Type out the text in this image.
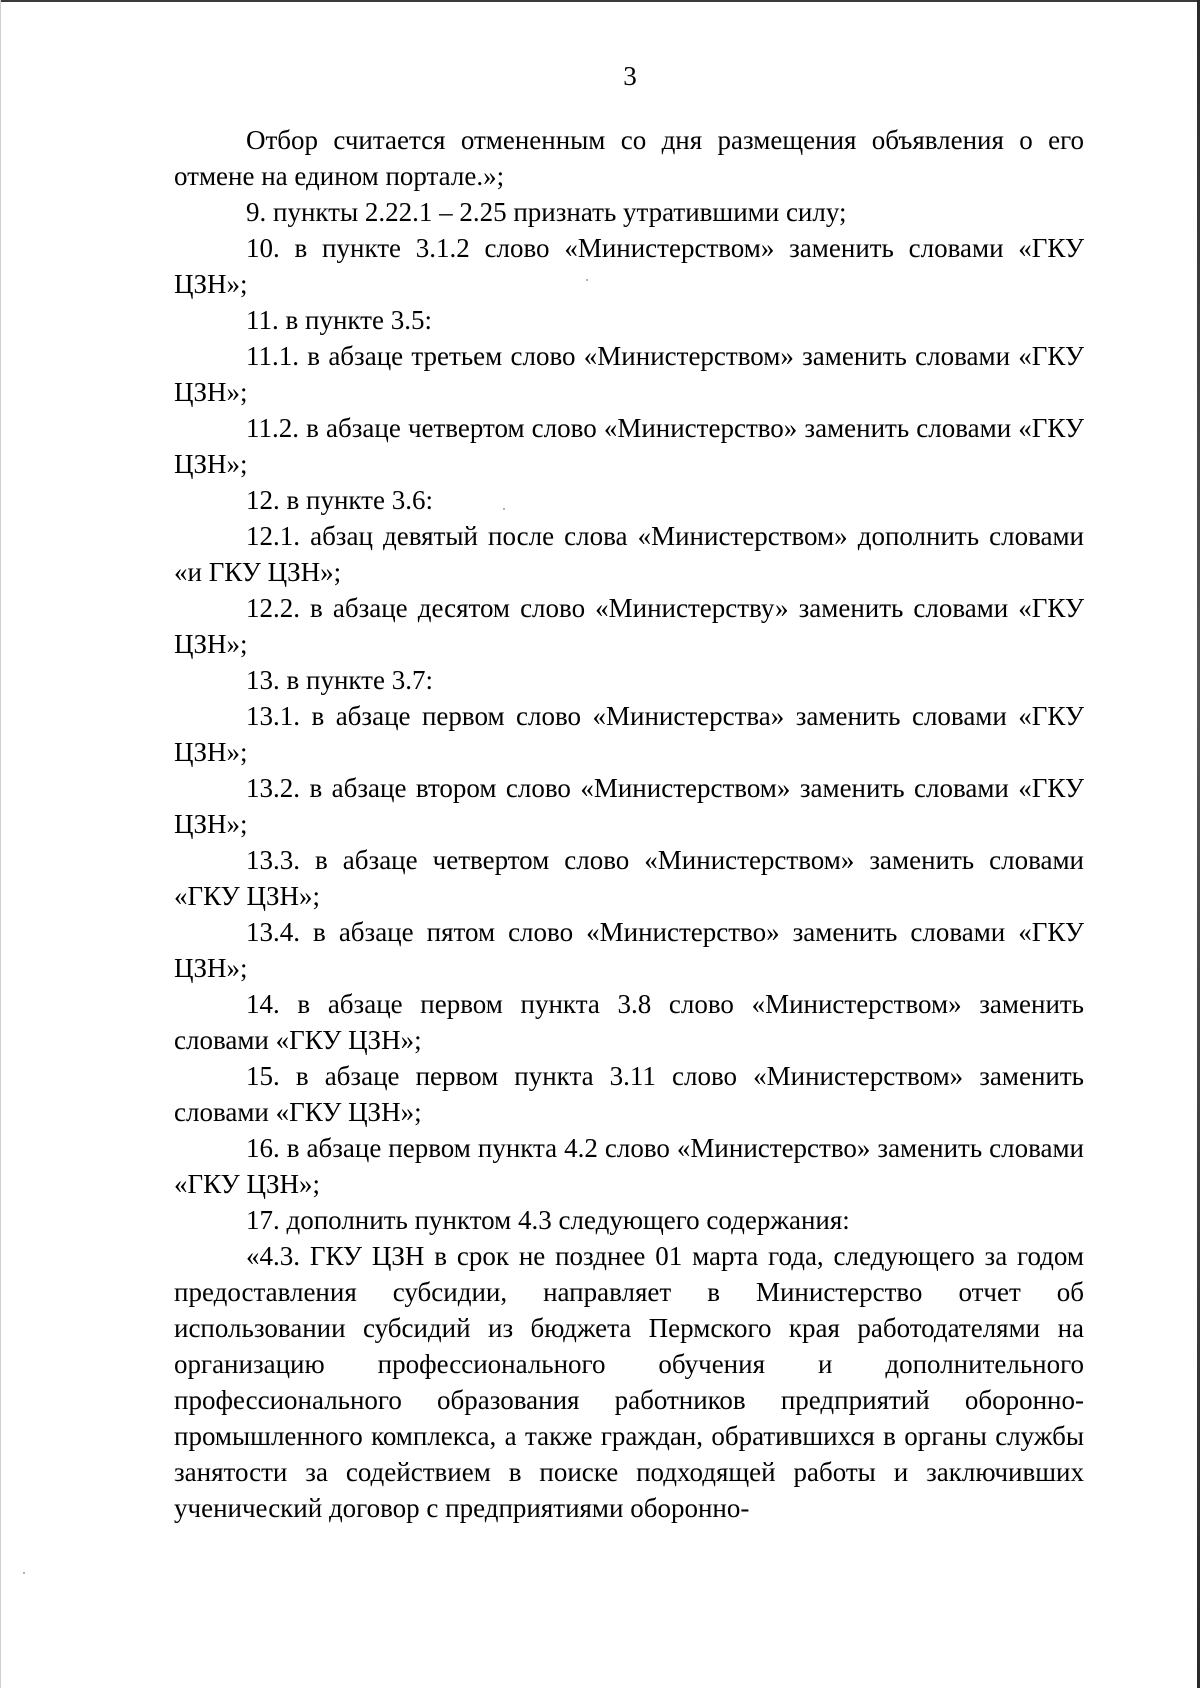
3

Отбор считается отмененным со дня размещения объявления о его отмене на едином портале.»;

9. пункты 2.22.1 – 2.25 признать утратившими силу;

10. в пункте 3.1.2 слово «Министерством» заменить словами «ГКУ ЦЗН»;

11. в пункте 3.5:

11.1. в абзаце третьем слово «Министерством» заменить словами «ГКУ ЦЗН»;

11.2. в абзаце четвертом слово «Министерство» заменить словами «ГКУ ЦЗН»;

12. в пункте 3.6:

12.1. абзац девятый после слова «Министерством» дополнить словами «и ГКУ ЦЗН»;

12.2. в абзаце десятом слово «Министерству» заменить словами «ГКУ ЦЗН»;

13. в пункте 3.7:

13.1. в абзаце первом слово «Министерства» заменить словами «ГКУ ЦЗН»;

13.2. в абзаце втором слово «Министерством» заменить словами «ГКУ ЦЗН»;

13.3. в абзаце четвертом слово «Министерством» заменить словами «ГКУ ЦЗН»;

13.4. в абзаце пятом слово «Министерство» заменить словами «ГКУ ЦЗН»;

14. в абзаце первом пункта 3.8 слово «Министерством» заменить словами «ГКУ ЦЗН»;

15. в абзаце первом пункта 3.11 слово «Министерством» заменить словами «ГКУ ЦЗН»;

16. в абзаце первом пункта 4.2 слово «Министерство» заменить словами «ГКУ ЦЗН»;

17. дополнить пунктом 4.3 следующего содержания:

«4.3. ГКУ ЦЗН в срок не позднее 01 марта года, следующего за годом предоставления субсидии, направляет в Министерство отчет об использовании субсидий из бюджета Пермского края работодателями на организацию профессионального обучения и дополнительного профессионального образования работников предприятий оборонно-промышленного комплекса, а также граждан, обратившихся в органы службы занятости за содействием в поиске подходящей работы и заключивших ученический договор с предприятиями оборонно-
